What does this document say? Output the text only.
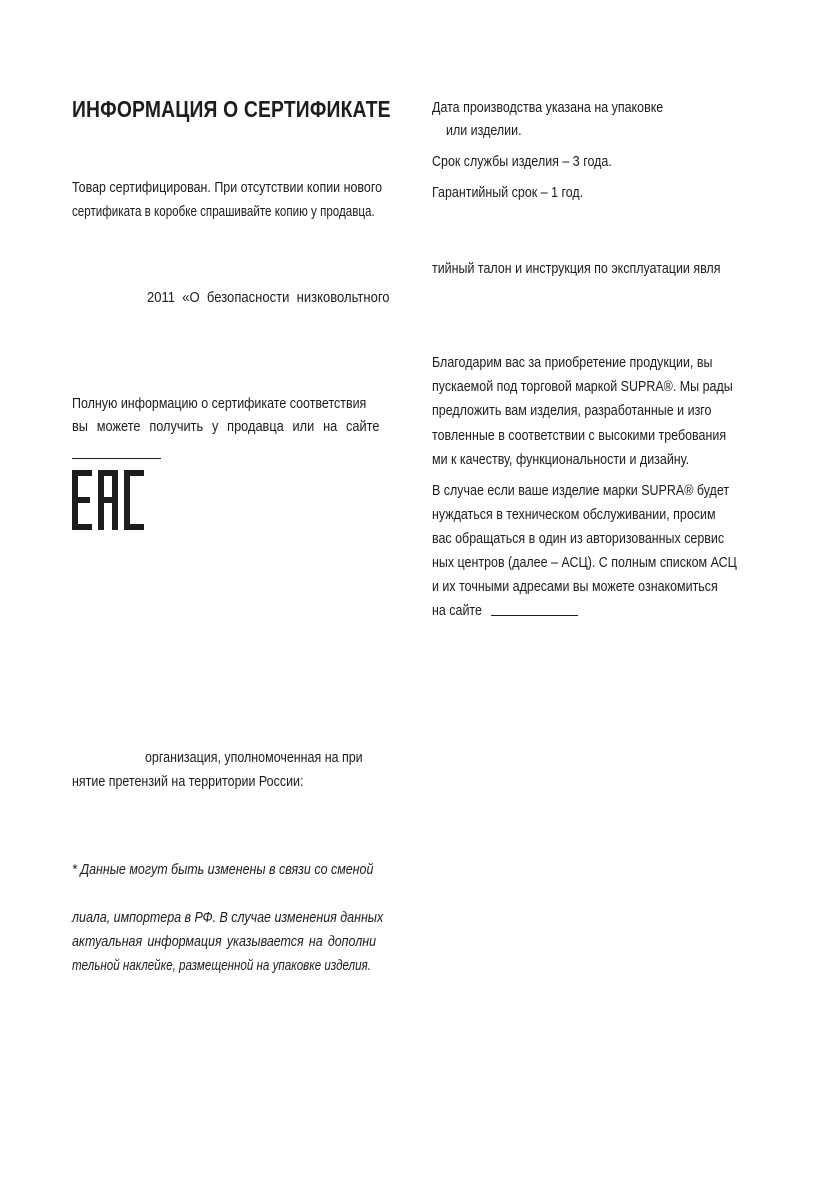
ИНФОРМАЦИЯ О СЕРТИФИКАТЕ
Товар сертифицирован. При отсутствии копии нового
сертификата в коробке спрашивайте копию у продавца.
2011 «О безопасности низковольтного
Полную информацию о сертификате соответствия
вы можете получить у продавца или на сайте
организация, уполномоченная на при
нятие претензий на территории России:
* Данные могут быть изменены в связи со сменой
лиала, импортера в РФ. В случае изменения данных
актуальная информация указывается на дополни
тельной наклейке, размещенной на упаковке изделия.
Дата производства указана на упаковке
или изделии.
Срок службы изделия – 3 года.
Гарантийный срок – 1 год.
тийный талон и инструкция по эксплуатации явля
Благодарим вас за приобретение продукции, вы
пускаемой под торговой маркой SUPRA®. Мы рады
предложить вам изделия, разработанные и изго
товленные в соответствии с высокими требования
ми к качеству, функциональности и дизайну.
В случае если ваше изделие марки SUPRA® будет
нуждаться в техническом обслуживании, просим
вас обращаться в один из авторизованных сервис
ных центров (далее – АСЦ). С полным списком АСЦ
и их точными адресами вы можете ознакомиться
на сайте
